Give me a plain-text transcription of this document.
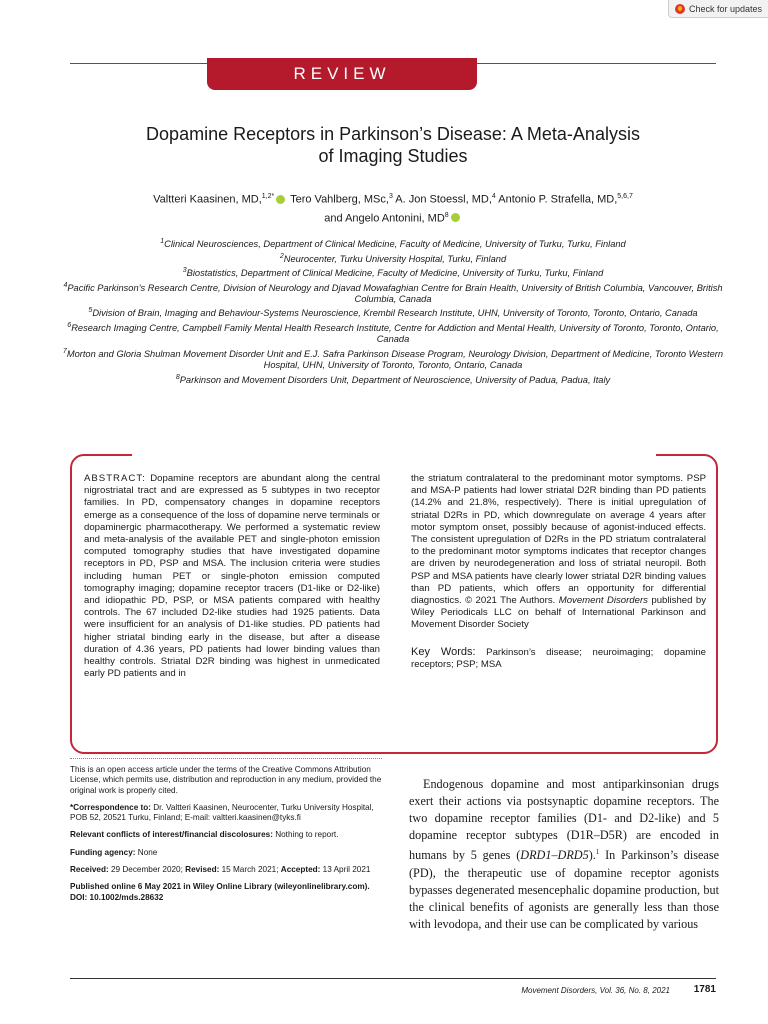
Check for updates
REVIEW
Dopamine Receptors in Parkinson’s Disease: A Meta-Analysis
of Imaging Studies
Valtteri Kaasinen, MD,$^{1,2*}$ Tero Vahlberg, MSc,$^3$ A. Jon Stoessl, MD,$^4$ Antonio P. Strafella, MD,$^{5,6,7}$
and Angelo Antonini, $MD^8$
$^1$Clinical Neurosciences, Department of Clinical Medicine, Faculty of Medicine, University of Turku, Turku, Finland
$^2$Neurocenter, Turku University Hospital, Turku, Finland
$^3$Biostatistics, Department of Clinical Medicine, Faculty of Medicine, University of Turku, Turku, Finland
$^4$Pacific Parkinson’s Research Centre, Division of Neurology and Djavad Mowafaghian Centre for Brain Health, University of British Columbia, Vancouver, British Columbia, Canada
$^5$Division of Brain, Imaging and Behaviour-Systems Neuroscience, Krembil Research Institute, UHN, University of Toronto, Toronto, Ontario, Canada
$^6$Research Imaging Centre, Campbell Family Mental Health Research Institute, Centre for Addiction and Mental Health, University of Toronto, Toronto, Ontario, Canada
$^7$Morton and Gloria Shulman Movement Disorder Unit and E.J. Safra Parkinson Disease Program, Neurology Division, Department of Medicine, Toronto Western Hospital, UHN, University of Toronto, Toronto, Ontario, Canada
$^8$Parkinson and Movement Disorders Unit, Department of Neuroscience, University of Padua, Padua, Italy
ABSTRACT: Dopamine receptors are abundant along the central nigrostriatal tract and are expressed as 5 subtypes in two receptor families. In PD, compensatory changes in dopamine receptors emerge as a consequence of the loss of dopamine nerve terminals or dopaminergic pharmacotherapy. We performed a systematic review and meta-analysis of the available PET and single-photon emission computed tomography studies that have investigated dopamine receptors in PD, PSP and MSA. The inclusion criteria were studies including human PET or single-photon emission computed tomography imaging; dopamine receptor tracers (D1-like or D2-like) and idiopathic PD, PSP, or MSA patients compared with healthy controls. The 67 included D2-like studies had 1925 patients. Data were insufficient for an analysis of D1-like studies. PD patients had higher striatal binding early in the disease, but after a disease duration of 4.36 years, PD patients had lower binding values than healthy controls. Striatal D2R binding was highest in unmedicated early PD patients and in
the striatum contralateral to the predominant motor symptoms. PSP and MSA-P patients had lower striatal D2R binding than PD patients (14.2% and 21.8%, respectively). There is initial upregulation of striatal D2Rs in PD, which downregulate on average 4 years after motor symptom onset, possibly because of agonist-induced effects. The consistent upregulation of D2Rs in the PD striatum contralateral to the predominant motor symptoms indicates that receptor changes are driven by neurodegeneration and loss of striatal neuropil. Both PSP and MSA patients have clearly lower striatal D2R binding values than PD patients, which offers an opportunity for differential diagnostics. © 2021 The Authors. Movement Disorders published by Wiley Periodicals LLC on behalf of International Parkinson and Movement Disorder Society
Key Words: Parkinson’s disease; neuroimaging; dopamine receptors; PSP; MSA

This is an open access article under the terms of the Creative Commons Attribution License, which permits use, distribution and reproduction in any medium, provided the original work is properly cited.

*Correspondence to: Dr. Valtteri Kaasinen, Neurocenter, Turku University Hospital, POB 52, 20521 Turku, Finland; E-mail: valtteri.kaasinen@tyks.fi

Relevant conflicts of interest/financial discolosures: Nothing to report.

Funding agency: None

Received: 29 December 2020; Revised: 15 March 2021; Accepted: 13 April 2021

Published online 6 May 2021 in Wiley Online Library (wileyonlinelibrary.com). DOI: 10.1002/mds.28632

Endogenous dopamine and most antiparkinsonian drugs exert their actions via postsynaptic dopamine receptors. The two dopamine receptor families (D1- and D2-like) and 5 dopamine receptor subtypes (D1R–D5R) are encoded in humans by 5 genes (DRD1–DRD5).$^1$ In Parkinson’s disease (PD), the therapeutic use of dopamine receptor agonists bypasses degenerated mesencephalic dopamine production, but the clinical benefits of agonists are generally less than those with levodopa, and their use can be complicated by various

Movement Disorders, Vol. 36, No. 8, 2021	1781
